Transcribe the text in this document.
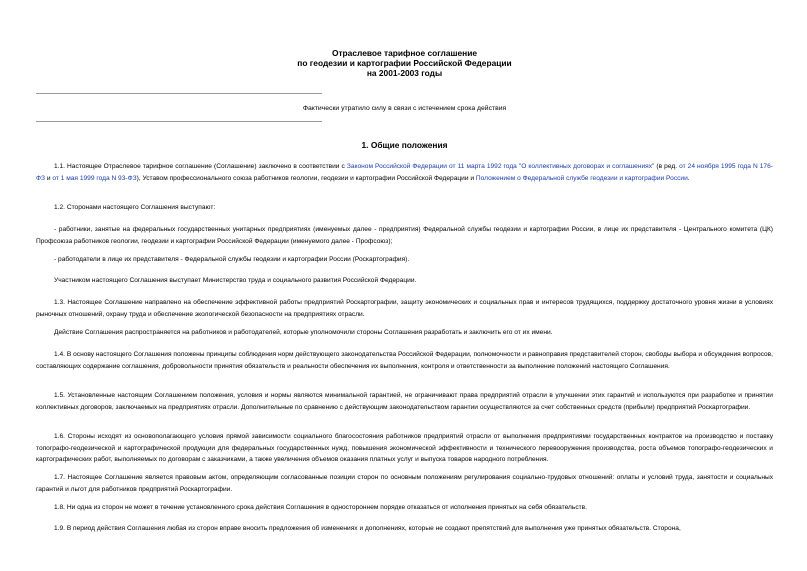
Отраслевое тарифное соглашение
по геодезии и картографии Российской Федерации
на 2001-2003 годы
Фактически утратило силу в связи с истечением срока действия
1. Общие положения

1.1. Настоящее Отраслевое тарифное соглашение (Соглашение) заключено в соответствии с Законом Российской Федерации от 11 марта 1992 года "О коллективных договорах и соглашениях" (в ред. от 24 ноября 1995 года N 176-ФЗ и от 1 мая 1999 года N 93-ФЗ), Уставом профессионального союза работников геологии, геодезии и картографии Российской Федерации и Положением о Федеральной службе геодезии и картографии России.

1.2. Сторонами настоящего Соглашения выступают:

- работники, занятые на федеральных государственных унитарных предприятиях (именуемых далее - предприятия) Федеральной службы геодезии и картографии России, в лице их представителя - Центрального комитета (ЦК) Профсоюза работников геологии, геодезии и картографии Российской Федерации (именуемого далее - Профсоюз);

- работодатели в лице их представителя - Федеральной службы геодезии и картографии России (Роскартография).

Участником настоящего Соглашения выступает Министерство труда и социального развития Российской Федерации.

1.3. Настоящее Соглашение направлено на обеспечение эффективной работы предприятий Роскартографии, защиту экономических и социальных прав и интересов трудящихся, поддержку достаточного уровня жизни в условиях рыночных отношений, охрану труда и обеспечение экологической безопасности на предприятиях отрасли.

Действие Соглашения распространяется на работников и работодателей, которые уполномочили стороны Соглашения разработать и заключить его от их имени.

1.4. В основу настоящего Соглашения положены принципы соблюдения норм действующего законодательства Российской Федерации, полномочности и равноправия представителей сторон, свободы выбора и обсуждения вопросов, составляющих содержание соглашения, добровольности принятия обязательств и реальности обеспечения их выполнения, контроля и ответственности за выполнение положений настоящего Соглашения.

1.5. Установленные настоящим Соглашением положения, условия и нормы являются минимальной гарантией, не ограничивают права предприятий отрасли в улучшении этих гарантий и используются при разработке и принятии коллективных договоров, заключаемых на предприятиях отрасли. Дополнительные по сравнению с действующим законодательством гарантии осуществляются за счет собственных средств (прибыли) предприятий Роскартографии.

1.6. Стороны исходят из основополагающего условия прямой зависимости социального благосостояния работников предприятий отрасли от выполнения предприятиями государственных контрактов на производство и поставку топографо-геодезической и картографической продукции для федеральных государственных нужд, повышения экономической эффективности и технического перевооружения производства, роста объемов топографо-геодезических и картографических работ, выполняемых по договорам с заказчиками, а также увеличения объемов оказания платных услуг и выпуска товаров народного потребления.

1.7. Настоящее Соглашение является правовым актом, определяющим согласованные позиции сторон по основным положениям регулирования социально-трудовых отношений: оплаты и условий труда, занятости и социальных гарантий и льгот для работников предприятий Роскартографии.

1.8. Ни одна из сторон не может в течение установленного срока действия Соглашения в одностороннем порядке отказаться от исполнения принятых на себя обязательств.

1.9. В период действия Соглашения любая из сторон вправе вносить предложения об изменениях и дополнениях, которые не создают препятствий для выполнения уже принятых обязательств. Сторона,
